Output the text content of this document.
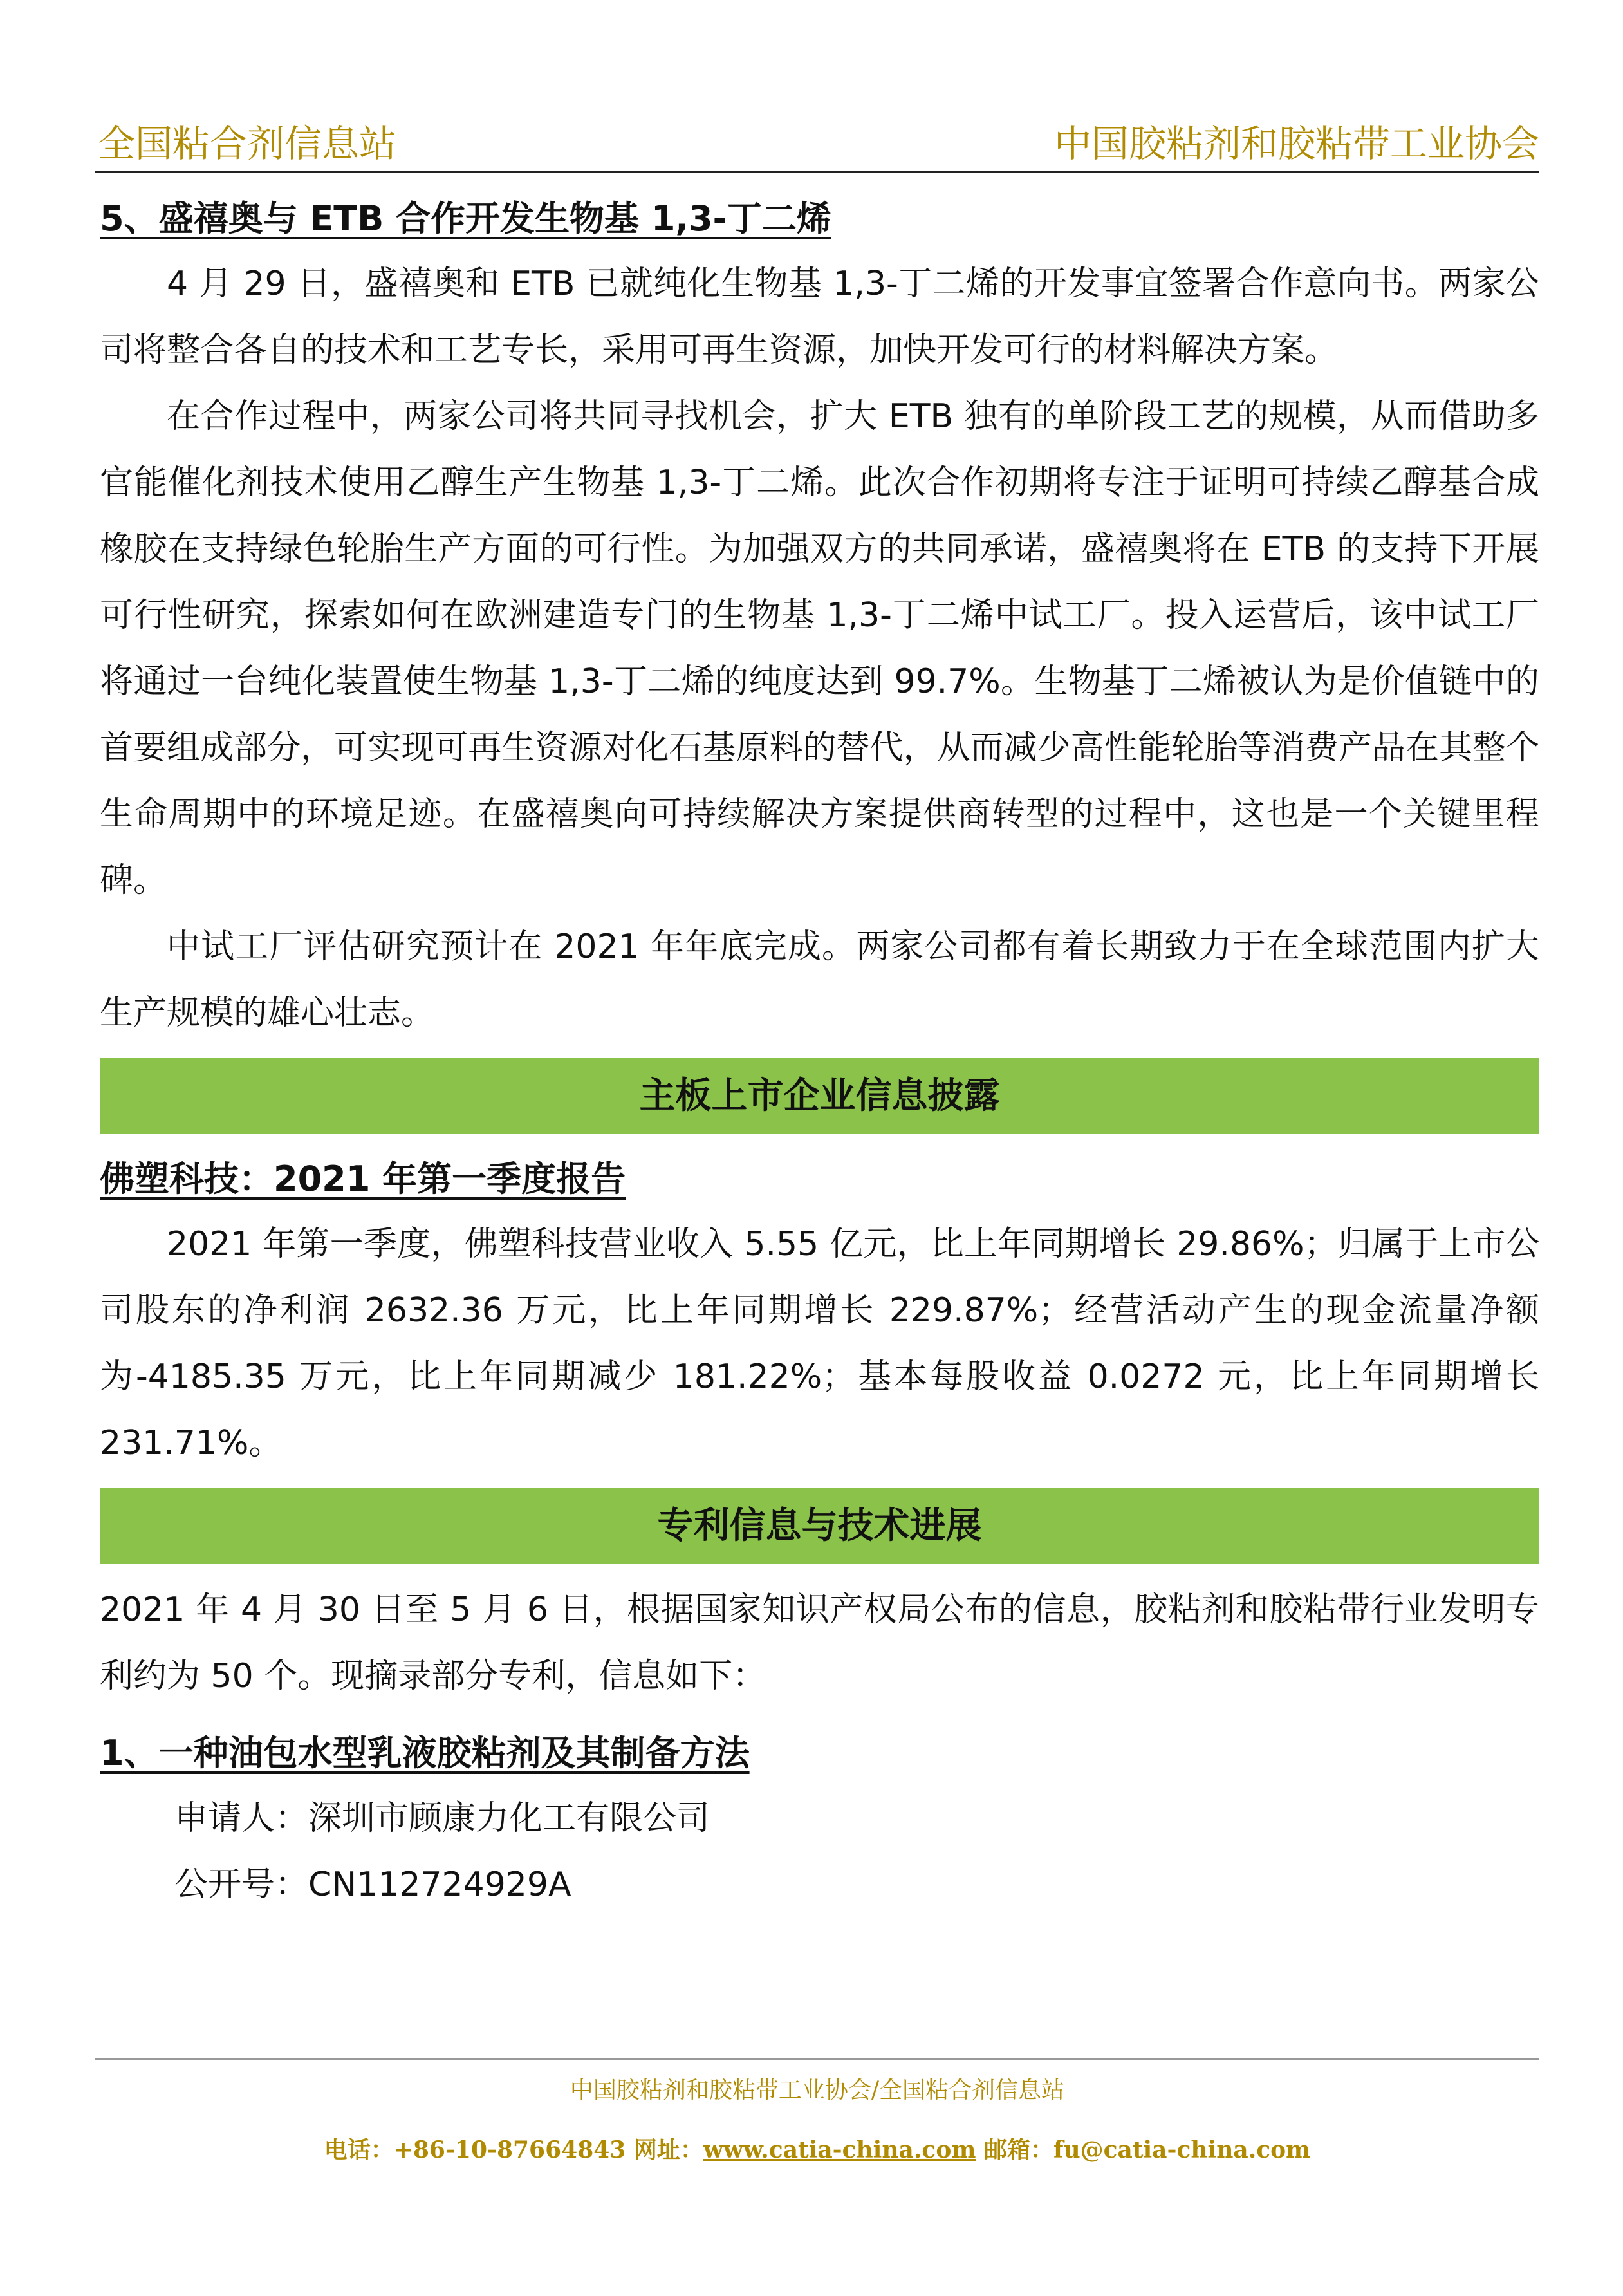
全国粘合剂信息站	中国胶粘剂和胶粘带工业协会
5、盛禧奥与 ETB 合作开发生物基 1,3-丁二烯

4 月 29 日，盛禧奥和 ETB 已就纯化生物基 1,3-丁二烯的开发事宜签署合作意向书。两家公司将整合各自的技术和工艺专长，采用可再生资源，加快开发可行的材料解决方案。

在合作过程中，两家公司将共同寻找机会，扩大 ETB 独有的单阶段工艺的规模，从而借助多官能催化剂技术使用乙醇生产生物基 1,3-丁二烯。此次合作初期将专注于证明可持续乙醇基合成橡胶在支持绿色轮胎生产方面的可行性。为加强双方的共同承诺，盛禧奥将在 ETB 的支持下开展可行性研究，探索如何在欧洲建造专门的生物基 1,3-丁二烯中试工厂。投入运营后，该中试工厂将通过一台纯化装置使生物基 1,3-丁二烯的纯度达到 99.7%。生物基丁二烯被认为是价值链中的首要组成部分，可实现可再生资源对化石基原料的替代，从而减少高性能轮胎等消费产品在其整个生命周期中的环境足迹。在盛禧奥向可持续解决方案提供商转型的过程中，这也是一个关键里程碑。

中试工厂评估研究预计在 2021 年年底完成。两家公司都有着长期致力于在全球范围内扩大生产规模的雄心壮志。

主板上市企业信息披露
佛塑科技：2021 年第一季度报告

2021 年第一季度，佛塑科技营业收入 5.55 亿元，比上年同期增长 29.86%；归属于上市公司股东的净利润 2632.36 万元，比上年同期增长 229.87%；经营活动产生的现金流量净额为-4185.35 万元，比上年同期减少 181.22%；基本每股收益 0.0272 元，比上年同期增长 231.71%。

专利信息与技术进展

2021 年 4 月 30 日至 5 月 6 日，根据国家知识产权局公布的信息，胶粘剂和胶粘带行业发明专利约为 50 个。现摘录部分专利，信息如下：

1、一种油包水型乳液胶粘剂及其制备方法
申请人：深圳市顾康力化工有限公司
公开号：CN112724929A
中国胶粘剂和胶粘带工业协会/全国粘合剂信息站
电话：+86-10-87664843 网址：www.catia-china.com 邮箱：fu@catia-china.com
